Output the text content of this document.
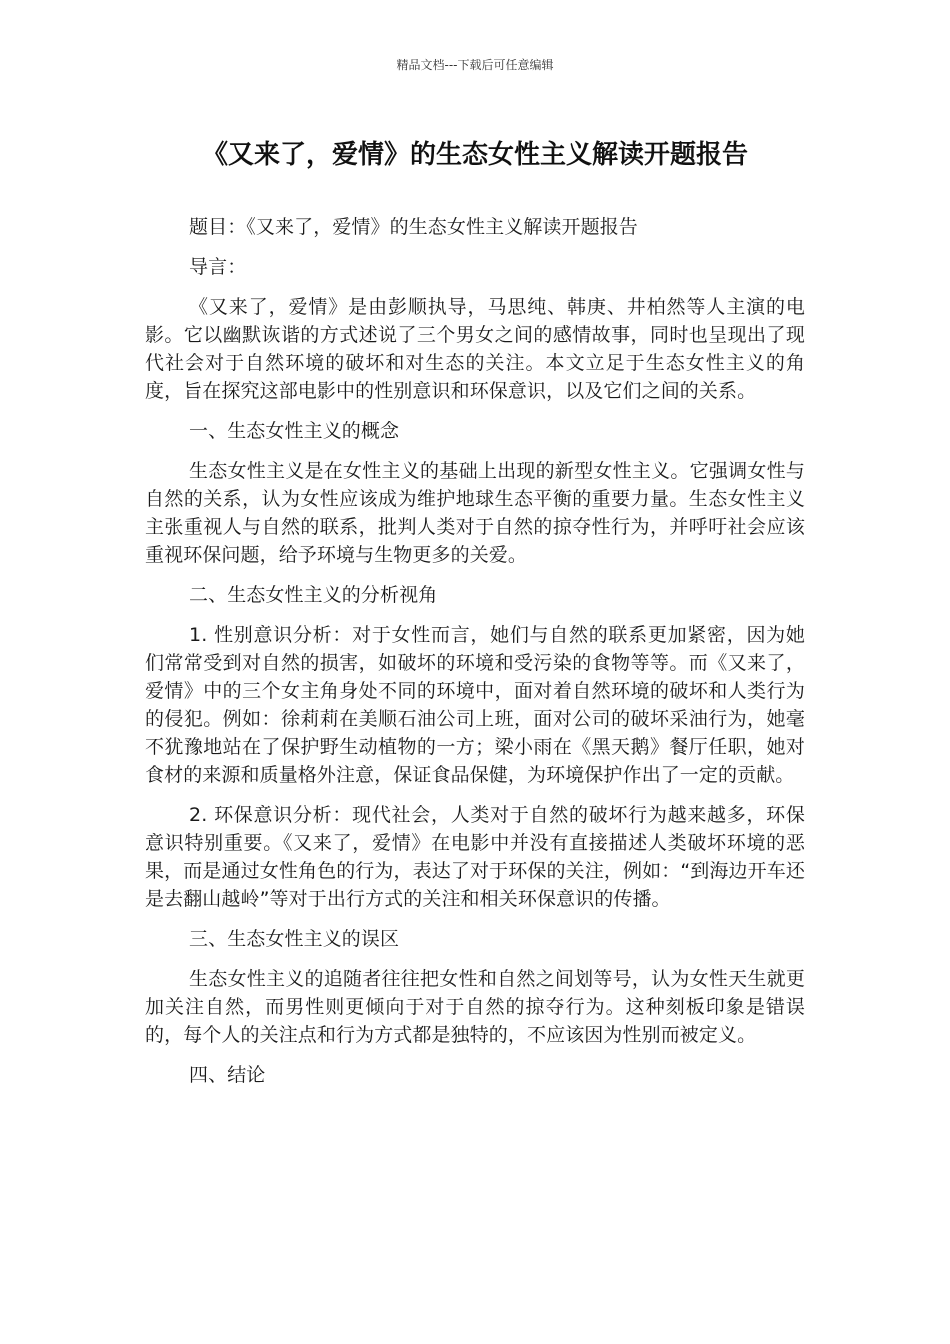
精品文档---下载后可任意编辑
《又来了，爱情》的生态女性主义解读开题报告

题目：《又来了，爱情》的生态女性主义解读开题报告

导言：

《又来了，爱情》是由彭顺执导，马思纯、韩庚、井柏然等人主演的电影。它以幽默诙谐的方式述说了三个男女之间的感情故事，同时也呈现出了现代社会对于自然环境的破坏和对生态的关注。本文立足于生态女性主义的角度，旨在探究这部电影中的性别意识和环保意识，以及它们之间的关系。

一、生态女性主义的概念

生态女性主义是在女性主义的基础上出现的新型女性主义。它强调女性与自然的关系，认为女性应该成为维护地球生态平衡的重要力量。生态女性主义主张重视人与自然的联系，批判人类对于自然的掠夺性行为，并呼吁社会应该重视环保问题，给予环境与生物更多的关爱。

二、生态女性主义的分析视角

1. 性别意识分析：对于女性而言，她们与自然的联系更加紧密，因为她们常常受到对自然的损害，如破坏的环境和受污染的食物等等。而《又来了，爱情》中的三个女主角身处不同的环境中，面对着自然环境的破坏和人类行为的侵犯。例如：徐莉莉在美顺石油公司上班，面对公司的破坏采油行为，她毫不犹豫地站在了保护野生动植物的一方；梁小雨在《黑天鹅》餐厅任职，她对食材的来源和质量格外注意，保证食品保健，为环境保护作出了一定的贡献。

2. 环保意识分析：现代社会，人类对于自然的破坏行为越来越多，环保意识特别重要。《又来了，爱情》在电影中并没有直接描述人类破坏环境的恶果，而是通过女性角色的行为，表达了对于环保的关注，例如：“到海边开车还是去翻山越岭”等对于出行方式的关注和相关环保意识的传播。

三、生态女性主义的误区

生态女性主义的追随者往往把女性和自然之间划等号，认为女性天生就更加关注自然，而男性则更倾向于对于自然的掠夺行为。这种刻板印象是错误的，每个人的关注点和行为方式都是独特的，不应该因为性别而被定义。

四、结论
